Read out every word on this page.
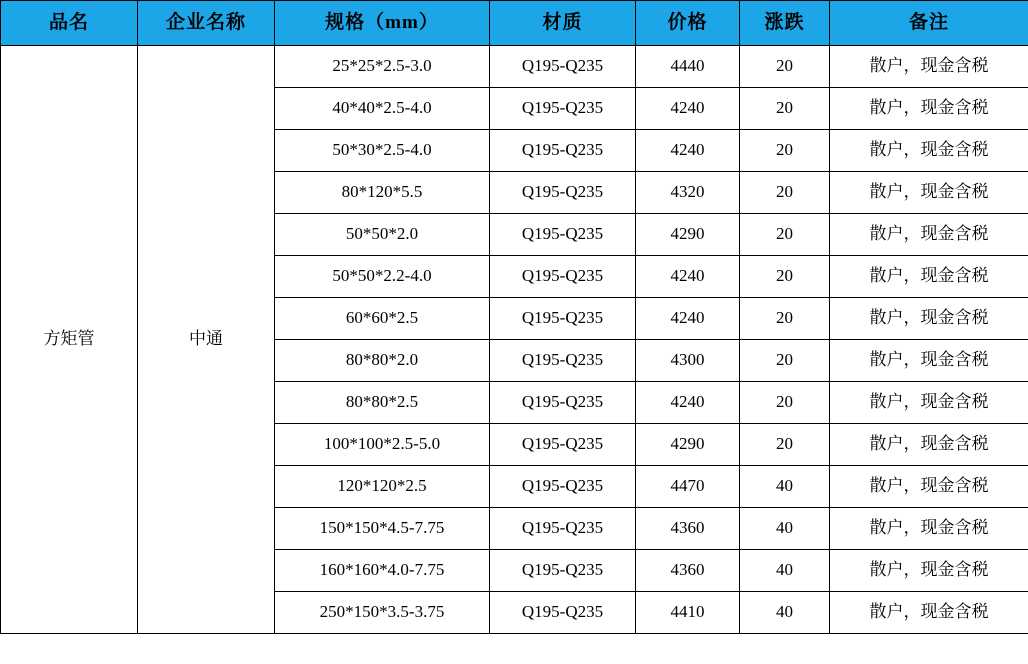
品名	企业名称	规格（mm）	材质	价格	涨跌	备注
方矩管	中通	25*25*2.5-3.0	Q195-Q235	4440	20	散户，现金含税
		40*40*2.5-4.0	Q195-Q235	4240	20	散户，现金含税
		50*30*2.5-4.0	Q195-Q235	4240	20	散户，现金含税
		80*120*5.5	Q195-Q235	4320	20	散户，现金含税
		50*50*2.0	Q195-Q235	4290	20	散户，现金含税
		50*50*2.2-4.0	Q195-Q235	4240	20	散户，现金含税
		60*60*2.5	Q195-Q235	4240	20	散户，现金含税
		80*80*2.0	Q195-Q235	4300	20	散户，现金含税
		80*80*2.5	Q195-Q235	4240	20	散户，现金含税
		100*100*2.5-5.0	Q195-Q235	4290	20	散户，现金含税
		120*120*2.5	Q195-Q235	4470	40	散户，现金含税
		150*150*4.5-7.75	Q195-Q235	4360	40	散户，现金含税
		160*160*4.0-7.75	Q195-Q235	4360	40	散户，现金含税
		250*150*3.5-3.75	Q195-Q235	4410	40	散户，现金含税
